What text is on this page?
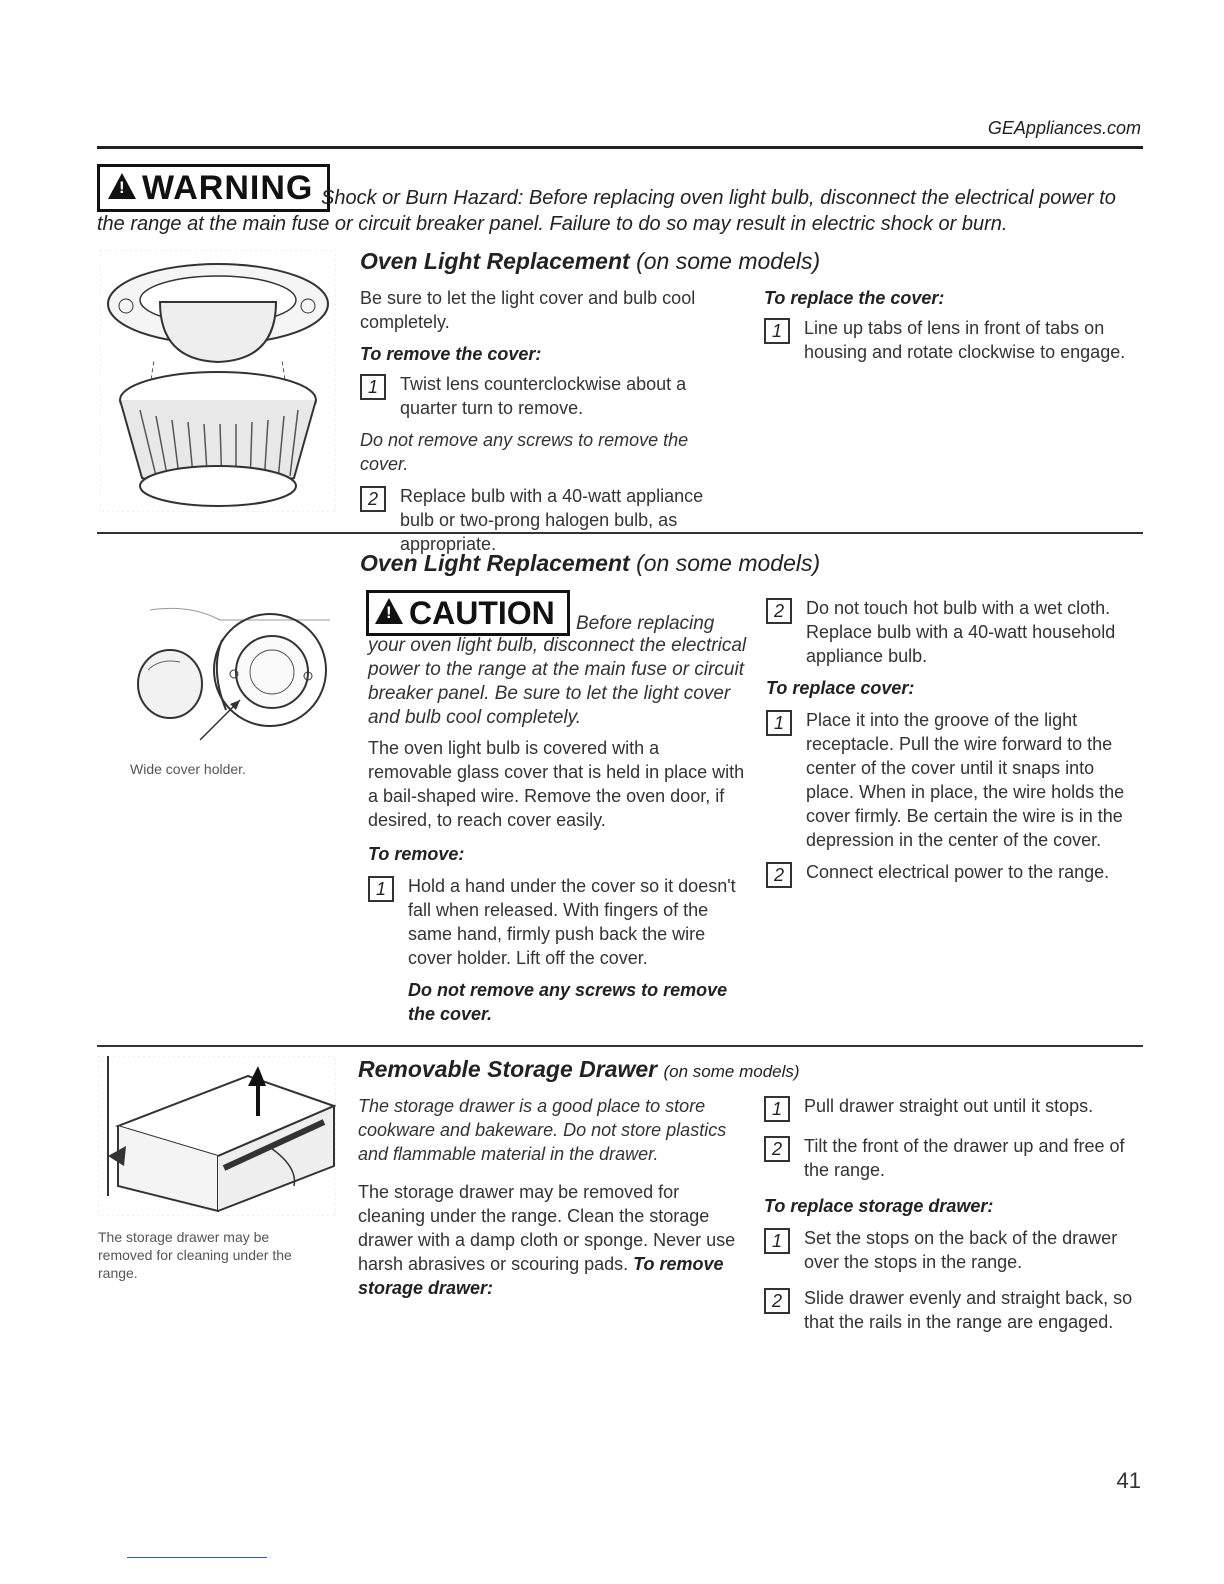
GEAppliances.com
!
WARNING Shock or Burn Hazard: Before replacing oven light bulb, disconnect the electrical power to the range at the main fuse or circuit breaker panel. Failure to do so may result in electric shock or burn.
Oven Light Replacement (on some models)
Be sure to let the light cover and bulb cool completely.
To remove the cover:
1	Twist lens counterclockwise about a quarter turn to remove.
Do not remove any screws to remove the cover.
2	Replace bulb with a 40-watt appliance bulb or two-prong halogen bulb, as appropriate.
To replace the cover:
1	Line up tabs of lens in front of tabs on housing and rotate clockwise to engage.
Wide cover holder.
Oven Light Replacement (on some models)
!
CAUTION Before replacing
your oven light bulb, disconnect the electrical power to the range at the main fuse or circuit breaker panel. Be sure to let the light cover and bulb cool completely.
The oven light bulb is covered with a removable glass cover that is held in place with a bail-shaped wire. Remove the oven door, if desired, to reach cover easily.
To remove:
1	Hold a hand under the cover so it doesn't fall when released. With fingers of the same hand, firmly push back the wire cover holder. Lift off the cover.
Do not remove any screws to remove the cover.
2	Do not touch hot bulb with a wet cloth. Replace bulb with a 40-watt household appliance bulb.
To replace cover:
1	Place it into the groove of the light receptacle. Pull the wire forward to the center of the cover until it snaps into place. When in place, the wire holds the cover firmly. Be certain the wire is in the depression in the center of the cover.
2	Connect electrical power to the range.
The storage drawer may be removed for cleaning under the range.
Removable Storage Drawer (on some models)
The storage drawer is a good place to store cookware and bakeware. Do not store plastics and flammable material in the drawer.
The storage drawer may be removed for cleaning under the range. Clean the storage drawer with a damp cloth or sponge. Never use harsh abrasives or scouring pads. To remove storage drawer:
1	Pull drawer straight out until it stops.
2	Tilt the front of the drawer up and free of the range.
To replace storage drawer:
1	Set the stops on the back of the drawer over the stops in the range.
2	Slide drawer evenly and straight back, so that the rails in the range are engaged.
41
